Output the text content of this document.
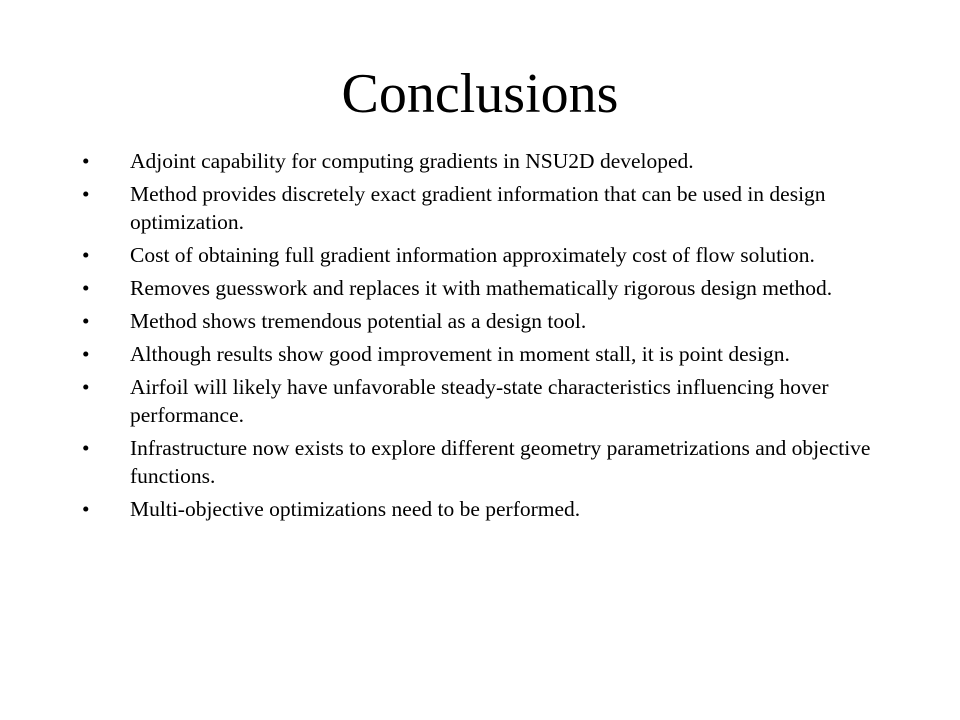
Conclusions
•	Adjoint capability for computing gradients in NSU2D developed.
•	Method provides discretely exact gradient information that can be used in design optimization.
•	Cost of obtaining full gradient information approximately cost of flow solution.
•	Removes guesswork and replaces it with mathematically rigorous design method.
•	Method shows tremendous potential as a design tool.
•	Although results show good improvement in moment stall, it is point design.
•	Airfoil will likely have unfavorable steady-state characteristics influencing hover performance.
•	Infrastructure now exists to explore different geometry parametrizations and objective functions.
•	Multi-objective optimizations need to be performed.
